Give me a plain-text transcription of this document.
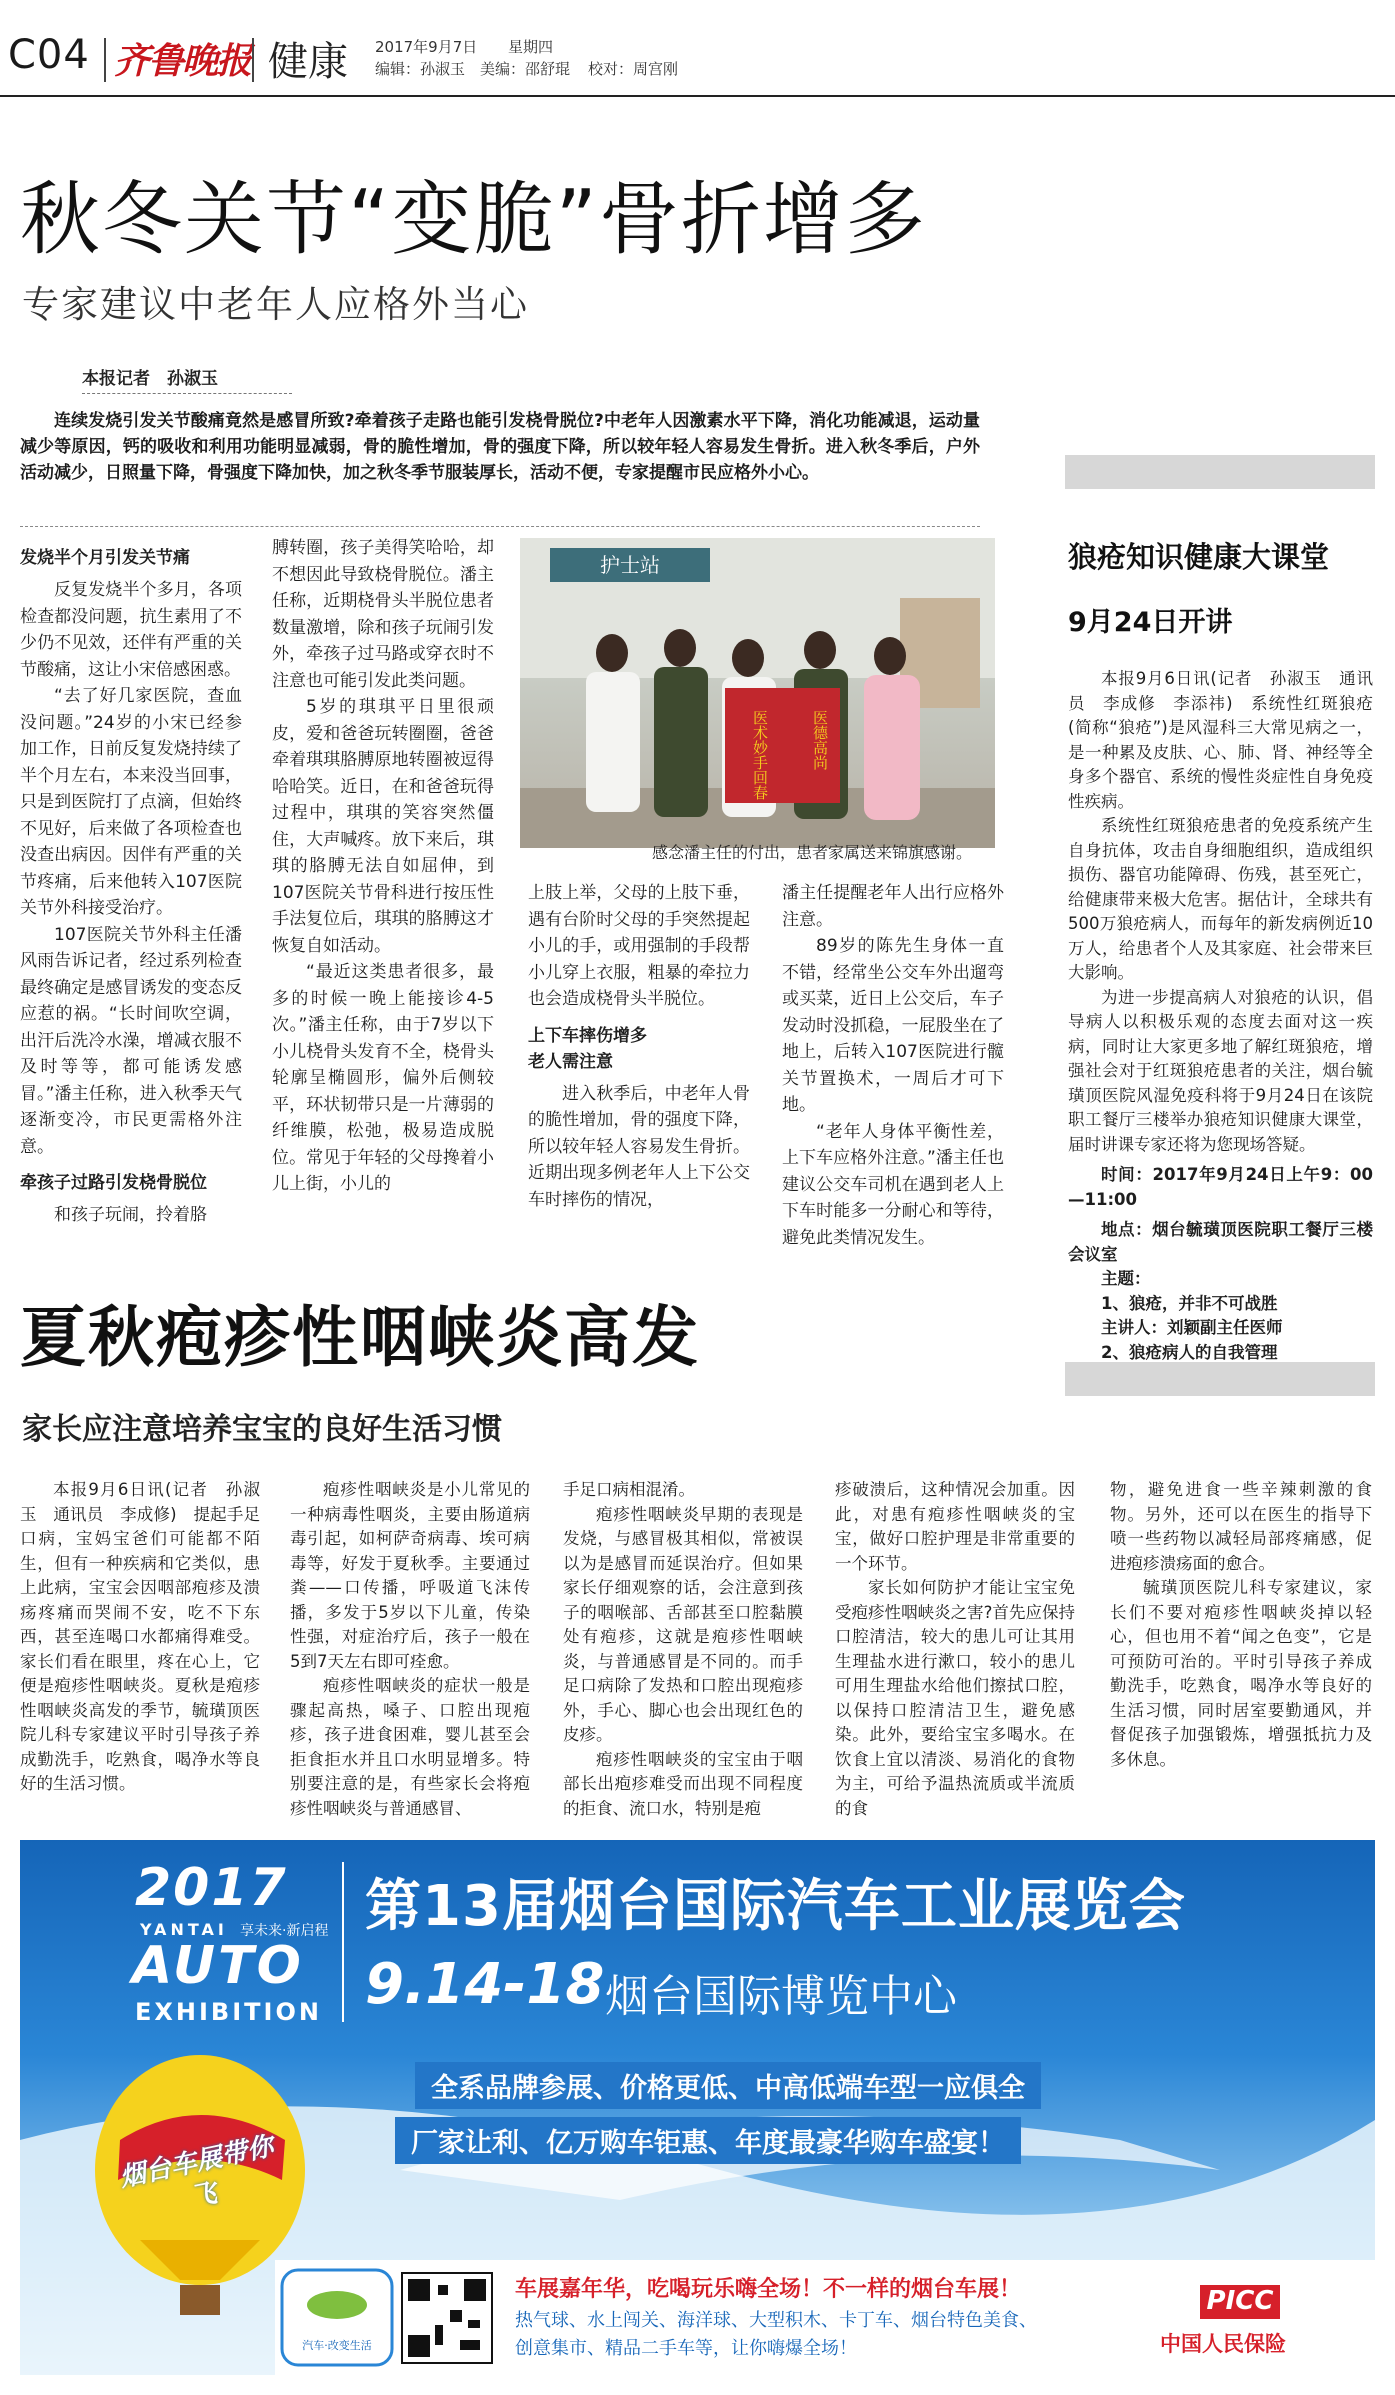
C04 齐鲁晚报 健康 2017年9月7日 星期四
编辑：孙淑玉 美编：邵舒琨 校对：周宫刚
秋冬关节“变脆”骨折增多
专家建议中老年人应格外当心
本报记者　孙淑玉
连续发烧引发关节酸痛竟然是感冒所致?牵着孩子走路也能引发桡骨脱位?中老年人因激素水平下降，消化功能减退，运动量减少等原因，钙的吸收和利用功能明显减弱，骨的脆性增加，骨的强度下降，所以较年轻人容易发生骨折。进入秋冬季后，户外活动减少，日照量下降，骨强度下降加快，加之秋冬季节服装厚长，活动不便，专家提醒市民应格外小心。
发烧半个月引发关节痛

反复发烧半个多月，各项检查都没问题，抗生素用了不少仍不见效，还伴有严重的关节酸痛，这让小宋倍感困惑。

“去了好几家医院，查血没问题。”24岁的小宋已经参加工作，日前反复发烧持续了半个月左右，本来没当回事，只是到医院打了点滴，但始终不见好，后来做了各项检查也没查出病因。因伴有严重的关节疼痛，后来他转入107医院关节外科接受治疗。

107医院关节外科主任潘风雨告诉记者，经过系列检查最终确定是感冒诱发的变态反应惹的祸。“长时间吹空调，出汗后洗冷水澡，增减衣服不及时等等，都可能诱发感冒。”潘主任称，进入秋季天气逐渐变冷，市民更需格外注意。

牵孩子过路引发桡骨脱位

和孩子玩闹，拎着胳

膊转圈，孩子美得笑哈哈，却不想因此导致桡骨脱位。潘主任称，近期桡骨头半脱位患者数量激增，除和孩子玩闹引发外，牵孩子过马路或穿衣时不注意也可能引发此类问题。

5岁的琪琪平日里很顽皮，爱和爸爸玩转圈圈，爸爸牵着琪琪胳膊原地转圈被逗得哈哈笑。近日，在和爸爸玩得过程中，琪琪的笑容突然僵住，大声喊疼。放下来后，琪琪的胳膊无法自如屈伸，到107医院关节骨科进行按压性手法复位后，琪琪的胳膊这才恢复自如活动。

“最近这类患者很多，最多的时候一晚上能接诊4-5次。”潘主任称，由于7岁以下小儿桡骨头发育不全，桡骨头轮廓呈椭圆形，偏外后侧较平，环状韧带只是一片薄弱的纤维膜，松弛，极易造成脱位。常见于年轻的父母搀着小儿上街，小儿的

护士站
医德高尚
医术妙手回春
感念潘主任的付出，患者家属送来锦旗感谢。

上肢上举，父母的上肢下垂，遇有台阶时父母的手突然提起小儿的手，或用强制的手段帮小儿穿上衣服，粗暴的牵拉力也会造成桡骨头半脱位。

上下车摔伤增多
老人需注意

进入秋季后，中老年人骨的脆性增加，骨的强度下降，所以较年轻人容易发生骨折。近期出现多例老年人上下公交车时摔伤的情况，

潘主任提醒老年人出行应格外注意。

89岁的陈先生身体一直不错，经常坐公交车外出遛弯或买菜，近日上公交后，车子发动时没抓稳，一屁股坐在了地上，后转入107医院进行髋关节置换术，一周后才可下地。

“老年人身体平衡性差，上下车应格外注意。”潘主任也建议公交车司机在遇到老人上下车时能多一分耐心和等待，避免此类情况发生。

狼疮知识健康大课堂
9月24日开讲

本报9月6日讯(记者　孙淑玉　通讯员　李成修　李添祎)　系统性红斑狼疮(简称“狼疮”)是风湿科三大常见病之一，是一种累及皮肤、心、肺、肾、神经等全身多个器官、系统的慢性炎症性自身免疫性疾病。

系统性红斑狼疮患者的免疫系统产生自身抗体，攻击自身细胞组织，造成组织损伤、器官功能障碍、伤残，甚至死亡，给健康带来极大危害。据估计，全球共有500万狼疮病人，而每年的新发病例近10万人，给患者个人及其家庭、社会带来巨大影响。

为进一步提高病人对狼疮的认识，倡导病人以积极乐观的态度去面对这一疾病，同时让大家更多地了解红斑狼疮，增强社会对于红斑狼疮患者的关注，烟台毓璜顶医院风湿免疫科将于9月24日在该院职工餐厅三楼举办狼疮知识健康大课堂，届时讲课专家还将为您现场答疑。

时间：2017年9月24日上午9：00—11:00

地点：烟台毓璜顶医院职工餐厅三楼会议室

主题：

1、狼疮，并非不可战胜

主讲人：刘颖副主任医师

2、狼疮病人的自我管理

夏秋疱疹性咽峡炎高发
家长应注意培养宝宝的良好生活习惯

本报9月6日讯(记者　孙淑玉　通讯员　李成修)　提起手足口病，宝妈宝爸们可能都不陌生，但有一种疾病和它类似，患上此病，宝宝会因咽部疱疹及溃疡疼痛而哭闹不安，吃不下东西，甚至连喝口水都痛得难受。家长们看在眼里，疼在心上，它便是疱疹性咽峡炎。夏秋是疱疹性咽峡炎高发的季节，毓璜顶医院儿科专家建议平时引导孩子养成勤洗手，吃熟食，喝净水等良好的生活习惯。

疱疹性咽峡炎是小儿常见的一种病毒性咽炎，主要由肠道病毒引起，如柯萨奇病毒、埃可病毒等，好发于夏秋季。主要通过粪——口传播，呼吸道飞沫传播，多发于5岁以下儿童，传染性强，对症治疗后，孩子一般在5到7天左右即可痊愈。

疱疹性咽峡炎的症状一般是骤起高热，嗓子、口腔出现疱疹，孩子进食困难，婴儿甚至会拒食拒水并且口水明显增多。特别要注意的是，有些家长会将疱疹性咽峡炎与普通感冒、

手足口病相混淆。

疱疹性咽峡炎早期的表现是发烧，与感冒极其相似，常被误以为是感冒而延误治疗。但如果家长仔细观察的话，会注意到孩子的咽喉部、舌部甚至口腔黏膜处有疱疹，这就是疱疹性咽峡炎，与普通感冒是不同的。而手足口病除了发热和口腔出现疱疹外，手心、脚心也会出现红色的皮疹。

疱疹性咽峡炎的宝宝由于咽部长出疱疹难受而出现不同程度的拒食、流口水，特别是疱

疹破溃后，这种情况会加重。因此，对患有疱疹性咽峡炎的宝宝，做好口腔护理是非常重要的一个环节。

家长如何防护才能让宝宝免受疱疹性咽峡炎之害?首先应保持口腔清洁，较大的患儿可让其用生理盐水进行漱口，较小的患儿可用生理盐水给他们擦拭口腔，以保持口腔清洁卫生，避免感染。此外，要给宝宝多喝水。在饮食上宜以清淡、易消化的食物为主，可给予温热流质或半流质的食

物，避免进食一些辛辣刺激的食物。另外，还可以在医生的指导下喷一些药物以减轻局部疼痛感，促进疱疹溃疡面的愈合。

毓璜顶医院儿科专家建议，家长们不要对疱疹性咽峡炎掉以轻心，但也用不着“闻之色变”，它是可预防可治的。平时引导孩子养成勤洗手，吃熟食，喝净水等良好的生活习惯，同时居室要勤通风，并督促孩子加强锻炼，增强抵抗力及多休息。

2017
YANTAI 享未来·新启程
AUTO
EXHIBITION
第13届烟台国际汽车工业展览会
9.14-18 烟台国际博览中心
全系品牌参展、价格更低、中高低端车型一应俱全 厂家让利、亿万购车钜惠、年度最豪华购车盛宴！
烟台车展带你飞
汽车·改变生活
车展嘉年华，吃喝玩乐嗨全场！不一样的烟台车展！
热气球、水上闯关、海洋球、大型积木、卡丁车、烟台特色美食、
创意集市、精品二手车等，让你嗨爆全场！
PICC
中国人民保险
